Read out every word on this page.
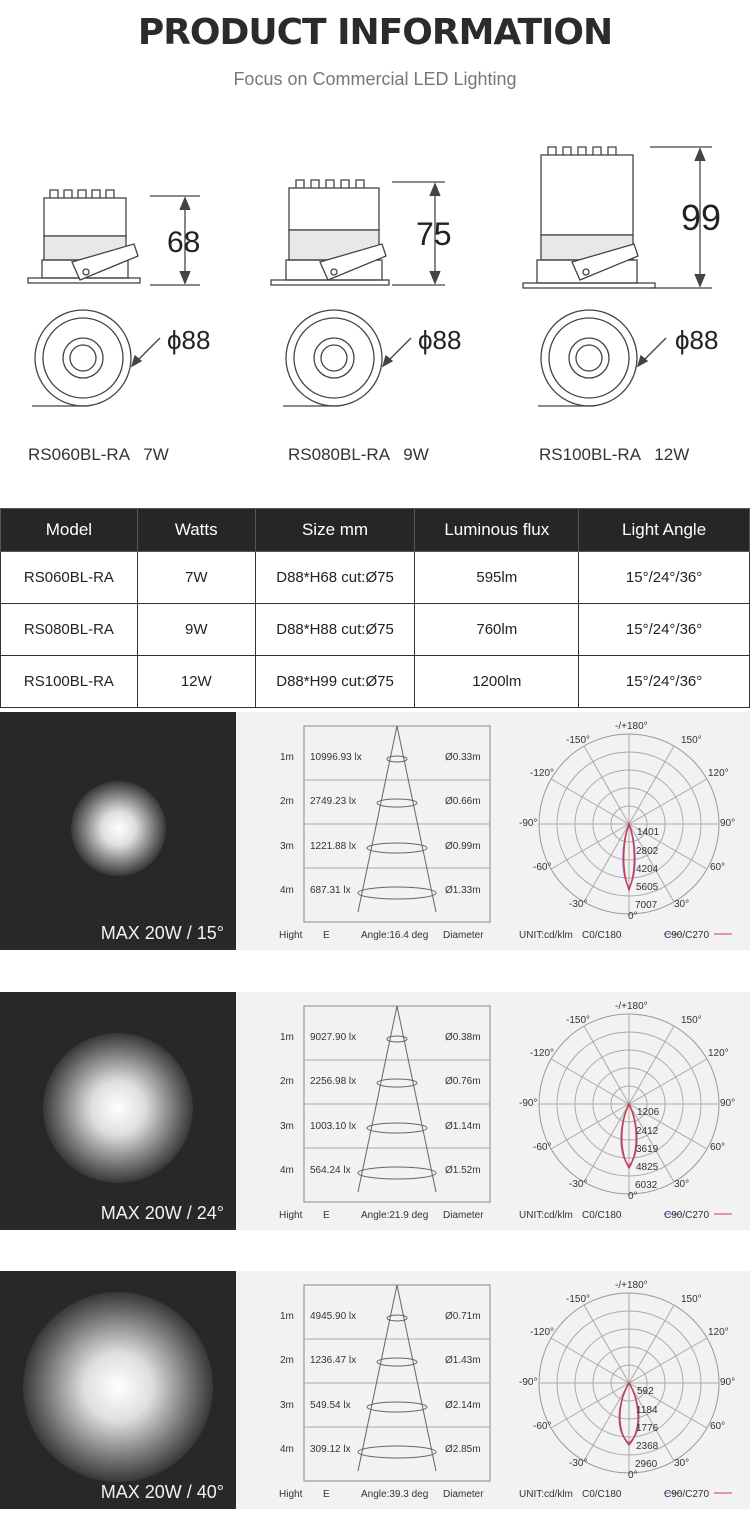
PRODUCT INFORMATION
Focus on Commercial LED Lighting
68	75	99
ϕ88	ϕ88	ϕ88
RS060BL-RA   7W	RS080BL-RA   9W	RS100BL-RA   12W
Model	Watts	Size mm	Luminous flux	Light Angle
RS060BL-RA	7W	D88*H68 cut:Ø75	595lm	15°/24°/36°
RS080BL-RA	9W	D88*H88 cut:Ø75	760lm	15°/24°/36°
RS100BL-RA	12W	D88*H99 cut:Ø75	1200lm	15°/24°/36°
MAX 20W / 15°
1m 10996.93 lx	Ø0.33m
2m 2749.23 lx	Ø0.66m
3m 1221.88 lx	Ø0.99m
4m 687.31 lx	Ø1.33m
Hight E	Angle:16.4 deg Diameter
-/+180°
-150°	150°
-120°	120°
-90°	90°
-60°	60°
-30°	30°
0°
1401
2802
4204
5605
7007
UNIT:cd/klm C0/C180	C90/C270
MAX 20W / 24°
1m 9027.90 lx	Ø0.38m
2m 2256.98 lx	Ø0.76m
3m 1003.10 lx	Ø1.14m
4m 564.24 lx	Ø1.52m
Hight E	Angle:21.9 deg Diameter
-/+180°
-150°	150°
-120°	120°
-90°	90°
-60°	60°
-30°	30°
0°
1206
2412
3619
4825
6032
UNIT:cd/klm C0/C180	C90/C270
MAX 20W / 40°
1m 4945.90 lx	Ø0.71m
2m 1236.47 lx	Ø1.43m
3m 549.54 lx	Ø2.14m
4m 309.12 lx	Ø2.85m
Hight E	Angle:39.3 deg Diameter
-/+180°
-150°	150°
-120°	120°
-90°	90°
-60°	60°
-30°	30°
0°
592
1184
1776
2368
2960
UNIT:cd/klm C0/C180	C90/C270
